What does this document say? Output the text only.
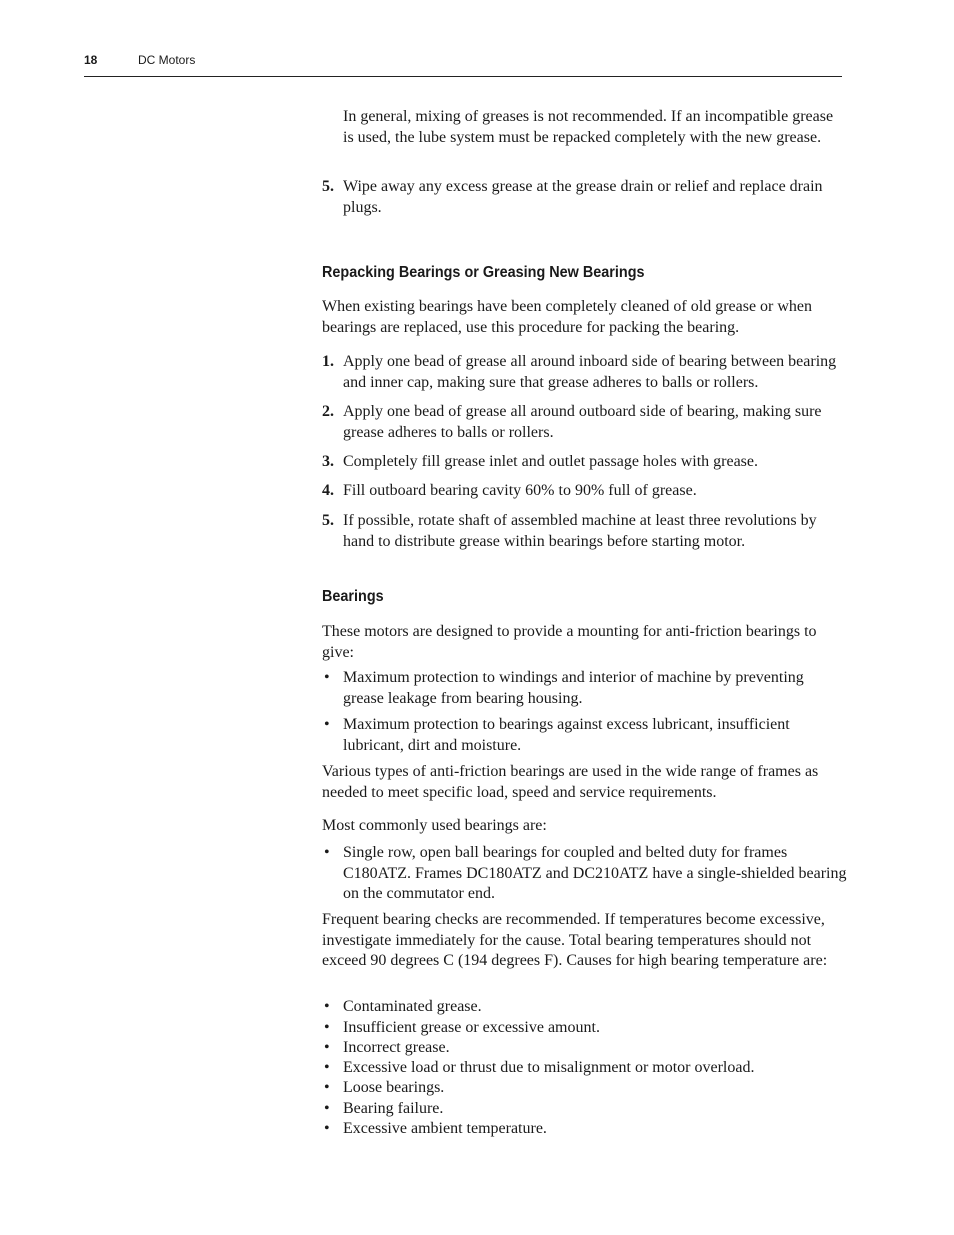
18	DC Motors
In general, mixing of greases is not recommended. If an incompatible grease is used, the lube system must be repacked completely with the new grease.
5. Wipe away any excess grease at the grease drain or relief and replace drain plugs.
Repacking Bearings or Greasing New Bearings
When existing bearings have been completely cleaned of old grease or when bearings are replaced, use this procedure for packing the bearing.
1. Apply one bead of grease all around inboard side of bearing between bearing and inner cap, making sure that grease adheres to balls or rollers.
2. Apply one bead of grease all around outboard side of bearing, making sure grease adheres to balls or rollers.
3. Completely fill grease inlet and outlet passage holes with grease.
4. Fill outboard bearing cavity 60% to 90% full of grease.
5. If possible, rotate shaft of assembled machine at least three revolutions by hand to distribute grease within bearings before starting motor.
Bearings
These motors are designed to provide a mounting for anti-friction bearings to give:
• Maximum protection to windings and interior of machine by preventing grease leakage from bearing housing.
• Maximum protection to bearings against excess lubricant, insufficient lubricant, dirt and moisture.
Various types of anti-friction bearings are used in the wide range of frames as needed to meet specific load, speed and service requirements.
Most commonly used bearings are:
• Single row, open ball bearings for coupled and belted duty for frames C180ATZ. Frames DC180ATZ and DC210ATZ have a single-shielded bearing on the commutator end.
Frequent bearing checks are recommended. If temperatures become excessive, investigate immediately for the cause. Total bearing temperatures should not exceed 90 degrees C (194 degrees F). Causes for high bearing temperature are:
• Contaminated grease.
• Insufficient grease or excessive amount.
• Incorrect grease.
• Excessive load or thrust due to misalignment or motor overload.
• Loose bearings.
• Bearing failure.
• Excessive ambient temperature.
